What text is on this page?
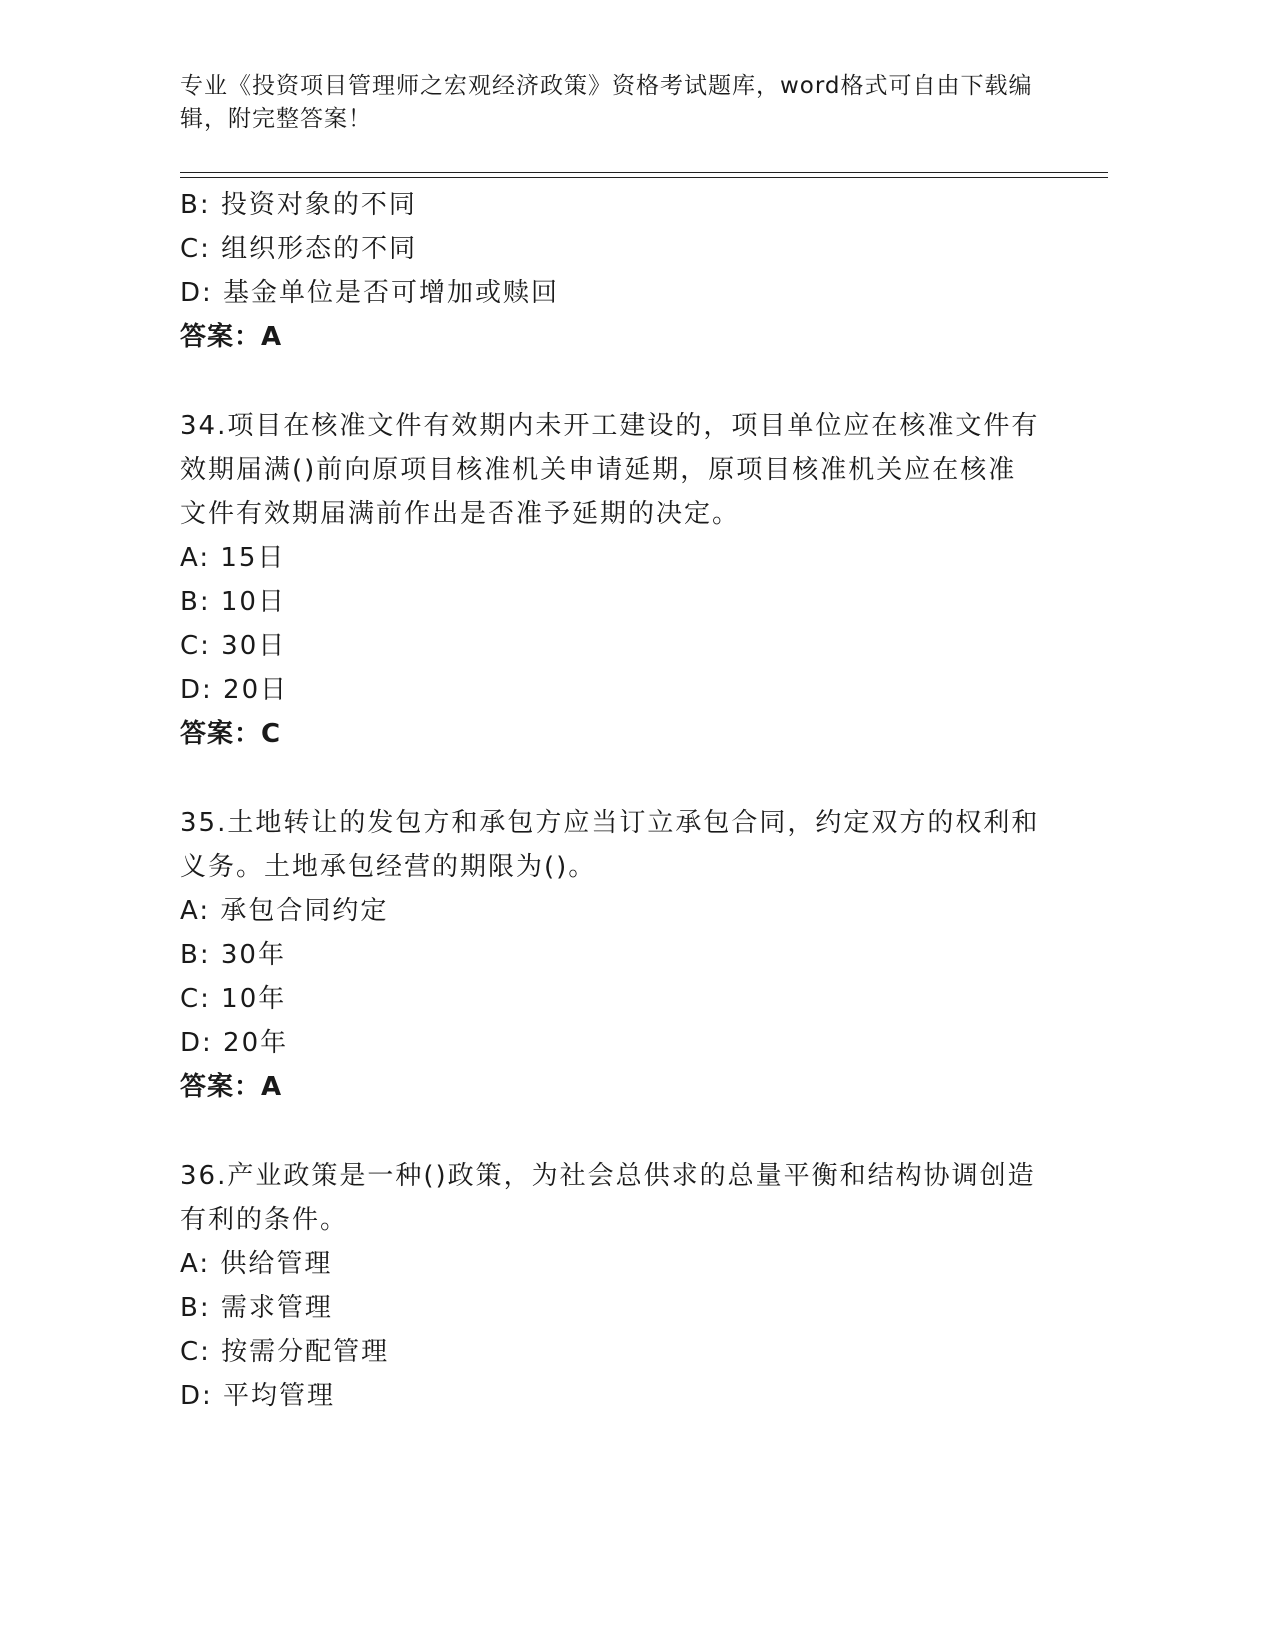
专业《投资项目管理师之宏观经济政策》资格考试题库，word格式可自由下载编
辑，附完整答案！
B: 投资对象的不同
C: 组织形态的不同
D: 基金单位是否可增加或赎回
答案：A
34.项目在核准文件有效期内未开工建设的，项目单位应在核准文件有
效期届满()前向原项目核准机关申请延期，原项目核准机关应在核准
文件有效期届满前作出是否准予延期的决定。
A: 15日
B: 10日
C: 30日
D: 20日
答案：C
35.土地转让的发包方和承包方应当订立承包合同，约定双方的权利和
义务。土地承包经营的期限为()。
A: 承包合同约定
B: 30年
C: 10年
D: 20年
答案：A
36.产业政策是一种()政策，为社会总供求的总量平衡和结构协调创造
有利的条件。
A: 供给管理
B: 需求管理
C: 按需分配管理
D: 平均管理
